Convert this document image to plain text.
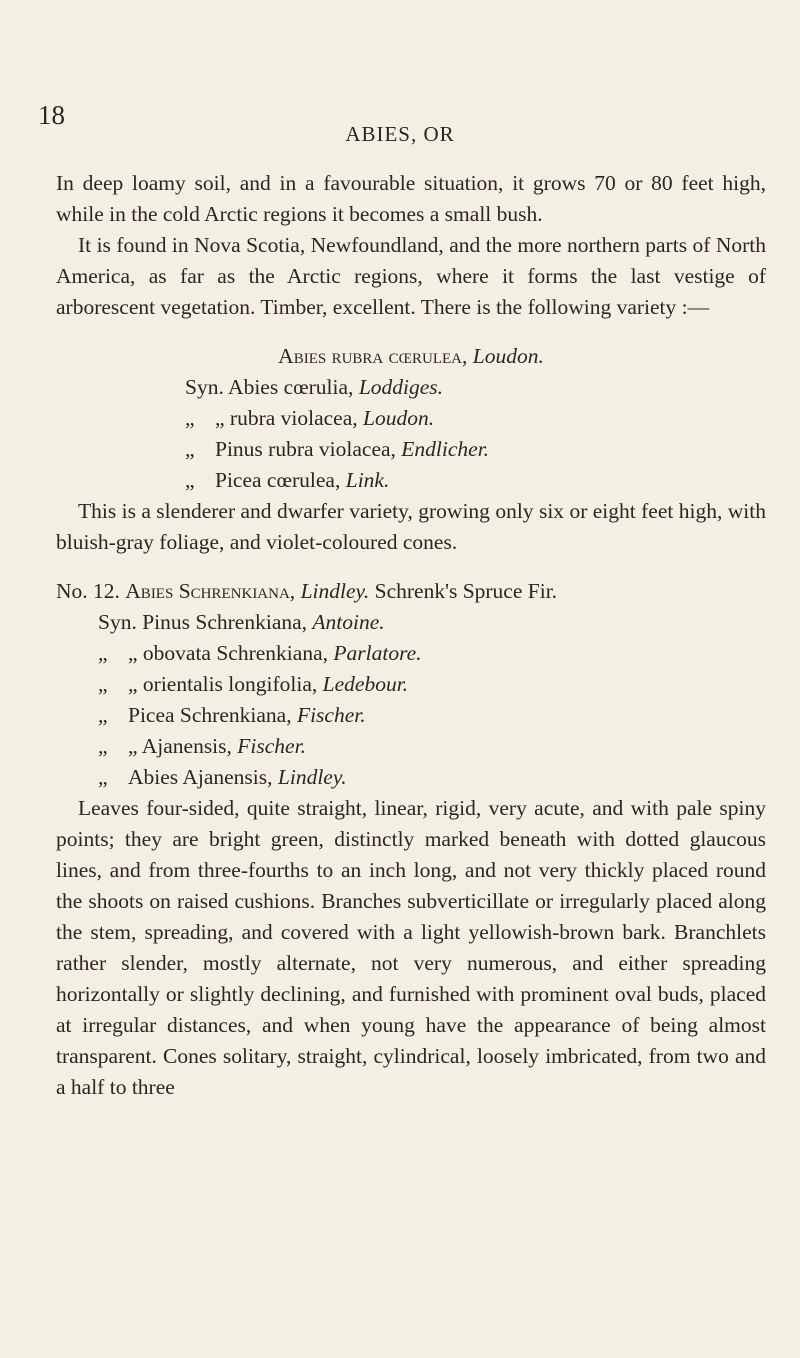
18
ABIES, OR

In deep loamy soil, and in a favourable situation, it grows 70 or 80 feet high, while in the cold Arctic regions it becomes a small bush.

It is found in Nova Scotia, Newfoundland, and the more northern parts of North America, as far as the Arctic regions, where it forms the last vestige of arborescent vegetation. Timber, excellent. There is the following variety :—

Abies rubra cœrulea, Loudon.

Syn. Abies cœrulia, Loddiges.

„ „ rubra violacea, Loudon.

„ Pinus rubra violacea, Endlicher.

„ Picea cœrulea, Link.

This is a slenderer and dwarfer variety, growing only six or eight feet high, with bluish-gray foliage, and violet-coloured cones.

No. 12. Abies Schrenkiana, Lindley. Schrenk's Spruce Fir.

Syn. Pinus Schrenkiana, Antoine.

„ „ obovata Schrenkiana, Parlatore.

„ „ orientalis longifolia, Ledebour.

„ Picea Schrenkiana, Fischer.

„ „ Ajanensis, Fischer.

„ Abies Ajanensis, Lindley.

Leaves four-sided, quite straight, linear, rigid, very acute, and with pale spiny points; they are bright green, distinctly marked beneath with dotted glaucous lines, and from three-fourths to an inch long, and not very thickly placed round the shoots on raised cushions. Branches subverticillate or irregularly placed along the stem, spreading, and covered with a light yellowish-brown bark. Branchlets rather slender, mostly alternate, not very numerous, and either spreading horizontally or slightly declining, and furnished with prominent oval buds, placed at irregular distances, and when young have the appearance of being almost transparent. Cones solitary, straight, cylindrical, loosely imbricated, from two and a half to three
